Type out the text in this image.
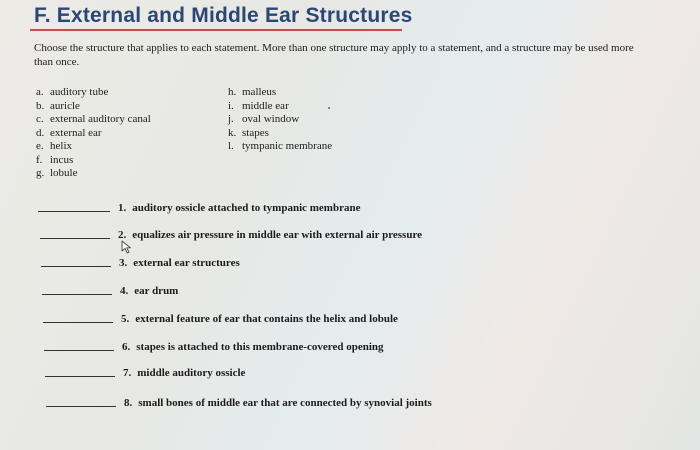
F. External and Middle Ear Structures

Choose the structure that applies to each statement. More than one structure may apply to a statement, and a structure may be used more than once.

a. auditory tube
b. auricle
c. external auditory canal
d. external ear
e. helix
f. incus
g. lobule
h. malleus
i. middle ear
j. oval window
k. stapes
l. tympanic membrane
1. auditory ossicle attached to tympanic membrane
2. equalizes air pressure in middle ear with external air pressure
3. external ear structures
4. ear drum
5. external feature of ear that contains the helix and lobule
6. stapes is attached to this membrane-covered opening
7. middle auditory ossicle
8. small bones of middle ear that are connected by synovial joints
